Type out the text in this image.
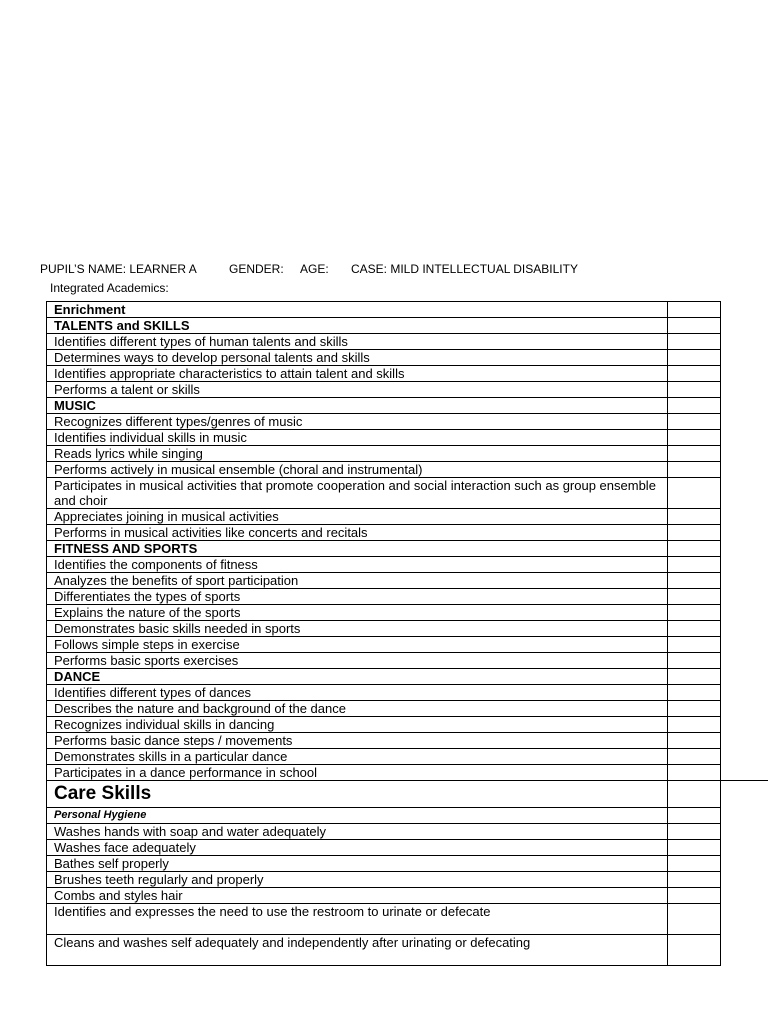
PUPIL’S NAME: LEARNER A	GENDER: AGE: CASE: MILD INTELLECTUAL DISABILITY
Integrated Academics:
Enrichment	
TALENTS and SKILLS	
Identifies different types of human talents and skills	
Determines ways to develop personal talents and skills	
Identifies appropriate characteristics to attain talent and skills	
Performs a talent or skills	
MUSIC	
Recognizes different types/genres of music	
Identifies individual skills in music	
Reads lyrics while singing	
Performs actively in musical ensemble (choral and instrumental)	
Participates in musical activities that promote cooperation and social interaction such as group ensemble and choir	
Appreciates joining in musical activities	
Performs in musical activities like concerts and recitals	
FITNESS AND SPORTS	
Identifies the components of fitness	
Analyzes the benefits of sport participation	
Differentiates the types of sports	
Explains the nature of the sports	
Demonstrates basic skills needed in sports	
Follows simple steps in exercise	
Performs basic sports exercises	
DANCE	
Identifies different types of dances	
Describes the nature and background of the dance	
Recognizes individual skills in dancing	
Performs basic dance steps / movements	
Demonstrates skills in a particular dance	
Participates in a dance performance in school	
Care Skills	
Personal Hygiene	
Washes hands with soap and water adequately	
Washes face adequately	
Bathes self properly	
Brushes teeth regularly and properly	
Combs and styles hair	
Identifies and expresses the need to use the restroom to urinate or defecate	
Cleans and washes self adequately and independently after urinating or defecating	
